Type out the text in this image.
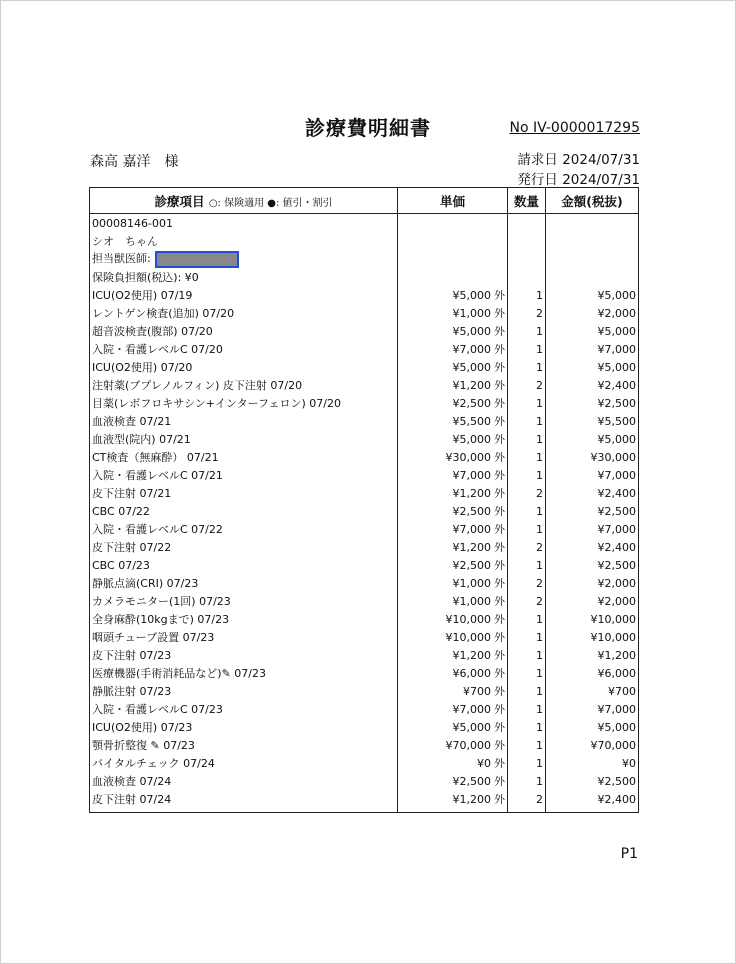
診療費明細書	No IV-0000017295
森高 嘉洋　様	請求日 2024/07/31
発行日 2024/07/31
診療項目 ○: 保険適用 ●: 値引・割引	単価	数量	金額(税抜)
00008146-001			
シオ　ちゃん			
担当獣医師:			
保険負担額(税込): ¥0			
ICU(O2使用) 07/19	¥5,000 外	1	¥5,000
レントゲン検査(追加) 07/20	¥1,000 外	2	¥2,000
超音波検査(腹部) 07/20	¥5,000 外	1	¥5,000
入院・看護レベルC 07/20	¥7,000 外	1	¥7,000
ICU(O2使用) 07/20	¥5,000 外	1	¥5,000
注射薬(ブプレノルフィン) 皮下注射 07/20	¥1,200 外	2	¥2,400
目薬(レボフロキサシン+インターフェロン) 07/20	¥2,500 外	1	¥2,500
血液検査 07/21	¥5,500 外	1	¥5,500
血液型(院内) 07/21	¥5,000 外	1	¥5,000
CT検査（無麻酔） 07/21	¥30,000 外	1	¥30,000
入院・看護レベルC 07/21	¥7,000 外	1	¥7,000
皮下注射 07/21	¥1,200 外	2	¥2,400
CBC 07/22	¥2,500 外	1	¥2,500
入院・看護レベルC 07/22	¥7,000 外	1	¥7,000
皮下注射 07/22	¥1,200 外	2	¥2,400
CBC 07/23	¥2,500 外	1	¥2,500
静脈点滴(CRI) 07/23	¥1,000 外	2	¥2,000
カメラモニター(1回) 07/23	¥1,000 外	2	¥2,000
全身麻酔(10kgまで) 07/23	¥10,000 外	1	¥10,000
咽頭チューブ設置 07/23	¥10,000 外	1	¥10,000
皮下注射 07/23	¥1,200 外	1	¥1,200
医療機器(手術消耗品など)✎ 07/23	¥6,000 外	1	¥6,000
静脈注射 07/23	¥700 外	1	¥700
入院・看護レベルC 07/23	¥7,000 外	1	¥7,000
ICU(O2使用) 07/23	¥5,000 外	1	¥5,000
顎骨折整復 ✎ 07/23	¥70,000 外	1	¥70,000
バイタルチェック 07/24	¥0 外	1	¥0
血液検査 07/24	¥2,500 外	1	¥2,500
皮下注射 07/24	¥1,200 外	2	¥2,400
P1
